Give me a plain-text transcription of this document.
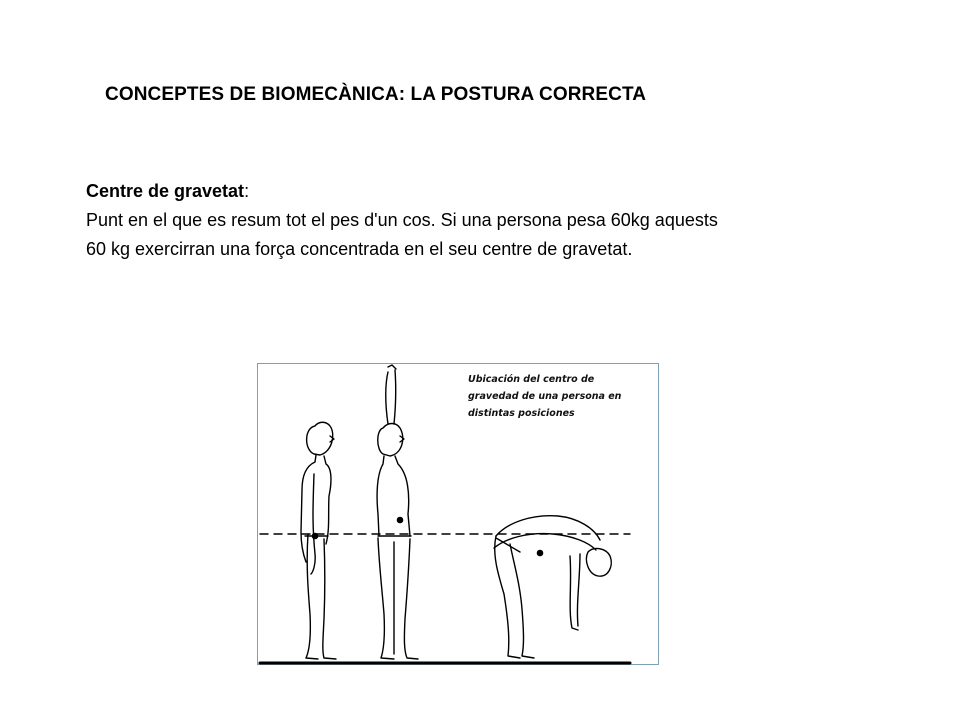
CONCEPTES DE BIOMECÀNICA: LA POSTURA CORRECTA
Centre de gravetat:
Punt en el que es resum tot el pes d'un cos. Si una persona pesa 60kg aquests
60 kg exercirran una força concentrada en el seu centre de gravetat.
Ubicación del centro de
gravedad de una persona en
distintas posiciones
